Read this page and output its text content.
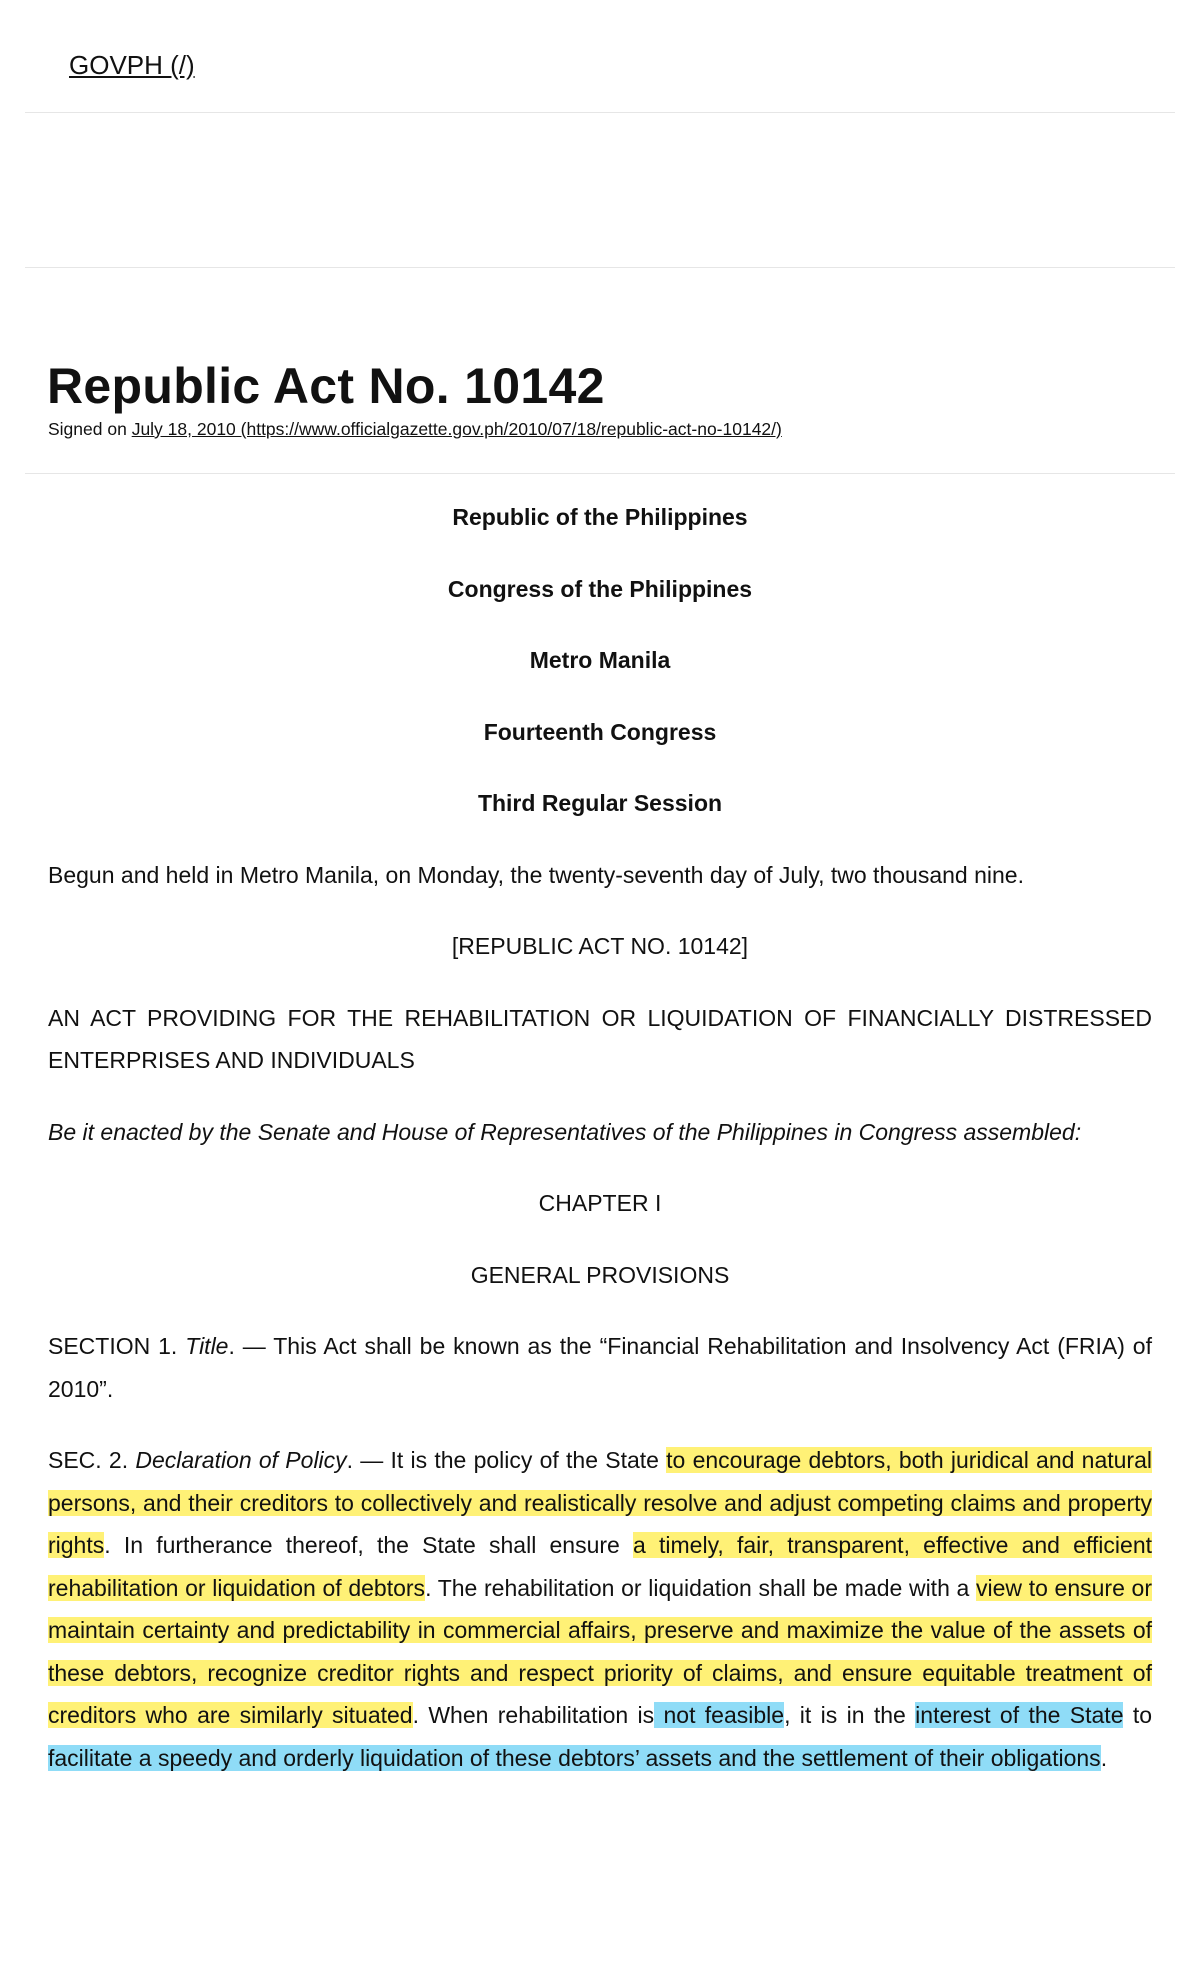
GOVPH (/)
Republic Act No. 10142
Signed on July 18, 2010 (https://www.officialgazette.gov.ph/2010/07/18/republic-act-no-10142/)

Republic of the Philippines

Congress of the Philippines

Metro Manila

Fourteenth Congress

Third Regular Session

Begun and held in Metro Manila, on Monday, the twenty-seventh day of July, two thousand nine.

[REPUBLIC ACT NO. 10142]

AN ACT PROVIDING FOR THE REHABILITATION OR LIQUIDATION OF FINANCIALLY DISTRESSED ENTERPRISES AND INDIVIDUALS

Be it enacted by the Senate and House of Representatives of the Philippines in Congress assembled:

CHAPTER I

GENERAL PROVISIONS

SECTION 1. Title. — This Act shall be known as the “Financial Rehabilitation and Insolvency Act (FRIA) of 2010”.

SEC. 2. Declaration of Policy. — It is the policy of the State to encourage debtors, both juridical and natural persons, and their creditors to collectively and realistically resolve and adjust competing claims and property rights. In furtherance thereof, the State shall ensure a timely, fair, transparent, effective and efficient rehabilitation or liquidation of debtors. The rehabilitation or liquidation shall be made with a view to ensure or maintain certainty and predictability in commercial affairs, preserve and maximize the value of the assets of these debtors, recognize creditor rights and respect priority of claims, and ensure equitable treatment of creditors who are similarly situated. When rehabilitation is not feasible, it is in the interest of the State to facilitate a speedy and orderly liquidation of these debtors’ assets and the settlement of their obligations.
